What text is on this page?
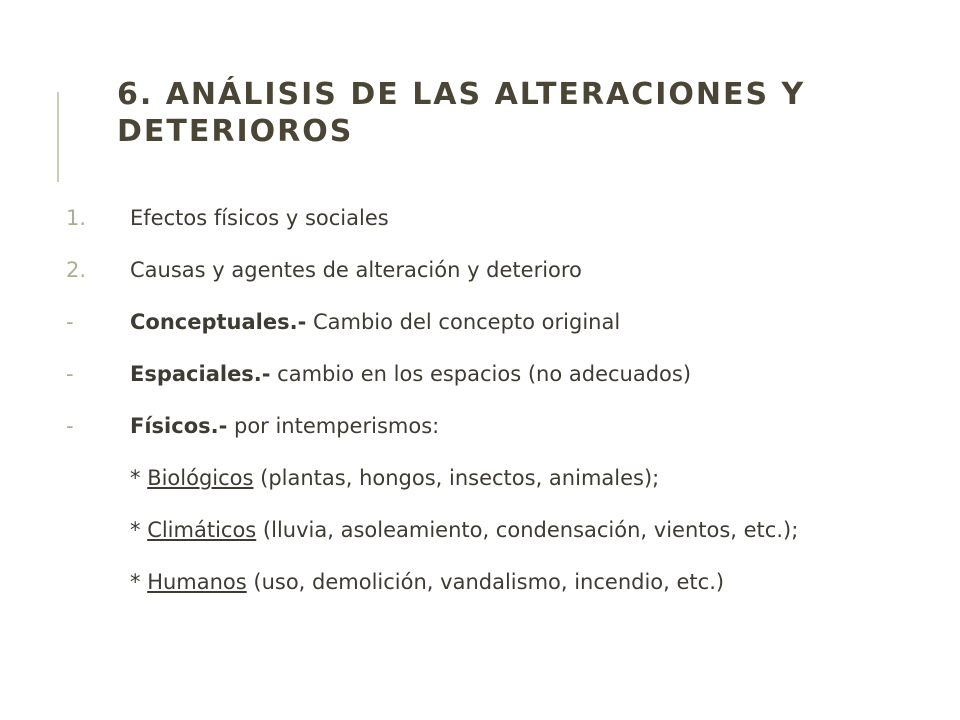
6. ANÁLISIS DE LAS ALTERACIONES Y DETERIOROS
1. Efectos físicos y sociales
2. Causas y agentes de alteración y deterioro
-	Conceptuales.- Cambio del concepto original
-	Espaciales.- cambio en los espacios (no adecuados)
-	Físicos.- por intemperismos:
* Biológicos (plantas, hongos, insectos, animales);
* Climáticos (lluvia, asoleamiento, condensación, vientos, etc.);
* Humanos (uso, demolición, vandalismo, incendio, etc.)
